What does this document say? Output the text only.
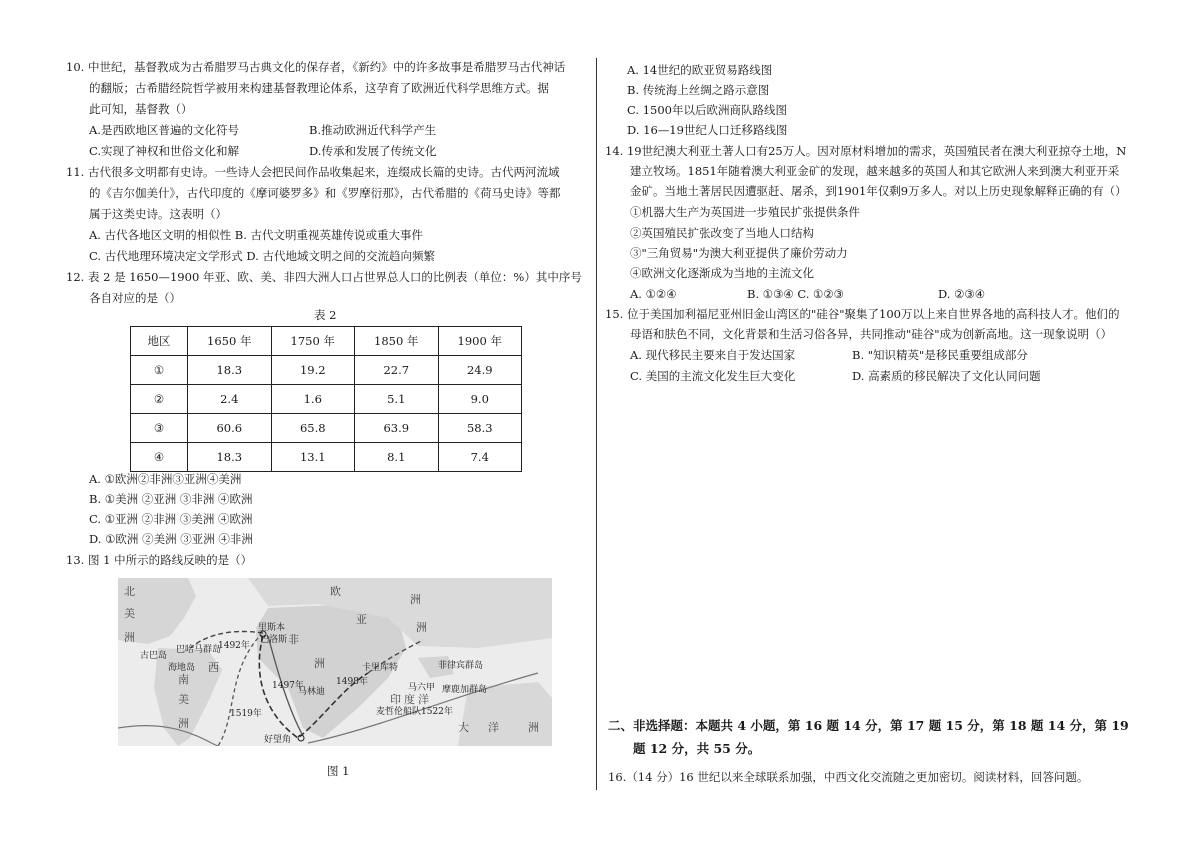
10. 中世纪，基督教成为古希腊罗马古典文化的保存者，《新约》中的许多故事是希腊罗马古代神话
的翻版；古希腊经院哲学被用来构建基督教理论体系，这孕育了欧洲近代科学思维方式。据
此可知，基督教（）
A.是西欧地区普遍的文化符号	B.推动欧洲近代科学产生
C.实现了神权和世俗文化和解	D.传承和发展了传统文化
11. 古代很多文明都有史诗。一些诗人会把民间作品收集起来，连缀成长篇的史诗。古代两河流域
的《吉尔伽美什》，古代印度的《摩诃婆罗多》和《罗摩衍那》，古代希腊的《荷马史诗》等都
属于这类史诗。这表明（）
A. 古代各地区文明的相似性 B. 古代文明重视英雄传说或重大事件
C. 古代地理环境决定文学形式 D. 古代地域文明之间的交流趋向频繁
12. 表 2 是 1650—1900 年亚、欧、美、非四大洲人口占世界总人口的比例表（单位：%）其中序号
各自对应的是（）
表 2
地区	1650 年	1750 年	1850 年	1900 年
①	18.3	19.2	22.7	24.9
②	2.4	1.6	5.1	9.0
③	60.6	65.8	63.9	58.3
④	18.3	13.1	8.1	7.4
A. ①欧洲②非洲③亚洲④美洲
B. ①美洲 ②亚洲 ③非洲 ④欧洲
C. ①亚洲 ②非洲 ③美洲 ④欧洲
D. ①欧洲 ②美洲 ③亚洲 ④非洲
13. 图 1 中所示的路线反映的是（）
北
美
洲
欧
洲
亚
洲
非
洲
南
美
洲
西
印 度 洋
大 洋	洲
里斯本
巴洛斯
古巴岛
巴哈马群岛
海地岛	卡里库特
马林迪
菲律宾群岛
马六甲 摩鹿加群岛
好望角
1492年
1519年
1497年	1498年
麦哲伦船队1522年
图 1
A. 14世纪的欧亚贸易路线图
B. 传统海上丝绸之路示意图
C. 1500年以后欧洲商队路线图
D. 16—19世纪人口迁移路线图
14. 19世纪澳大利亚土著人口有25万人。因对原材料增加的需求，英国殖民者在澳大利亚掠夺土地，N
建立牧场。1851年随着澳大利亚金矿的发现，越来越多的英国人和其它欧洲人来到澳大利亚开采
金矿。当地土著居民因遭驱赶、屠杀，到1901年仅剩9万多人。对以上历史现象解释正确的有（）
①机器大生产为英国进一步殖民扩张提供条件
②英国殖民扩张改变了当地人口结构
③"三角贸易"为澳大利亚提供了廉价劳动力
④欧洲文化逐渐成为当地的主流文化
A. ①②④	B. ①③④ C. ①②③	D. ②③④
15. 位于美国加利福尼亚州旧金山湾区的"硅谷"聚集了100万以上来自世界各地的高科技人才。他们的
母语和肤色不同，文化背景和生活习俗各异，共同推动"硅谷"成为创新高地。这一现象说明（）
A. 现代移民主要来自于发达国家	B. "知识精英"是移民重要组成部分
C. 美国的主流文化发生巨大变化	D. 高素质的移民解决了文化认同问题
二、非选择题：本题共 4 小题，第 16 题 14 分，第 17 题 15 分，第 18 题 14 分，第 19
题 12 分，共 55 分。
16.（14 分）16 世纪以来全球联系加强，中西文化交流随之更加密切。阅读材料，回答问题。
